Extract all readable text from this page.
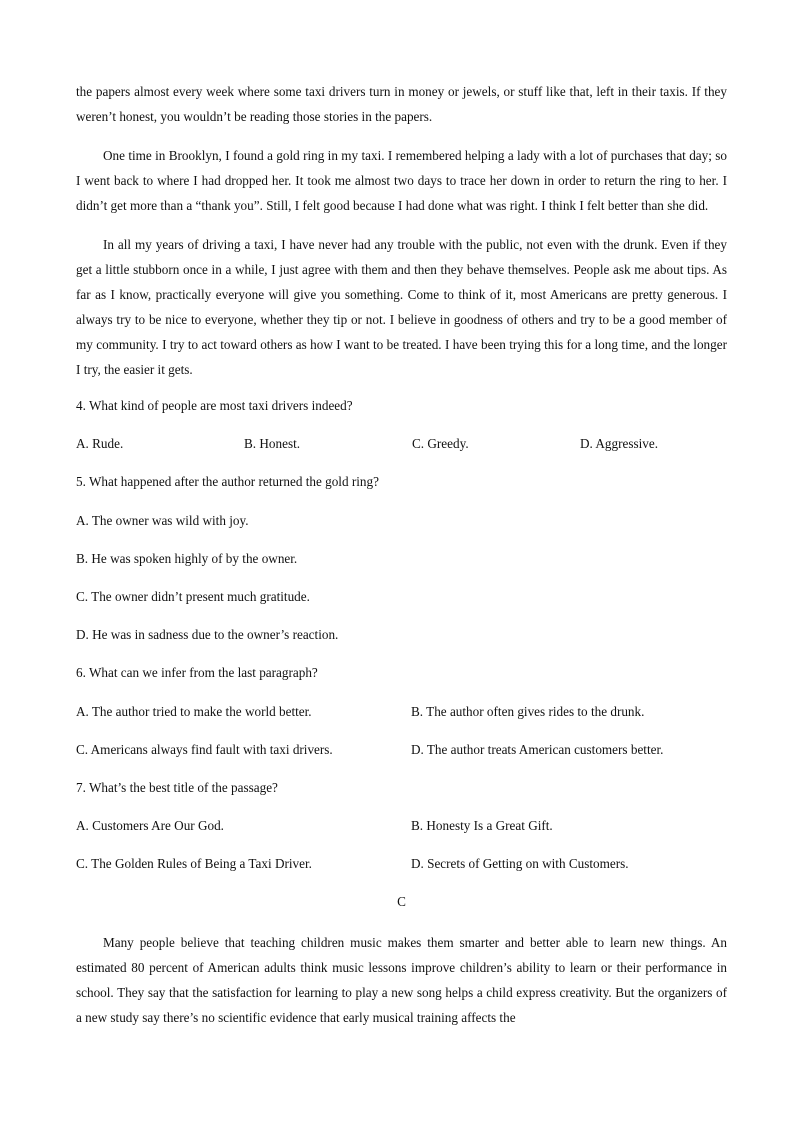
the papers almost every week where some taxi drivers turn in money or jewels, or stuff like that, left in their taxis. If they weren’t honest, you wouldn’t be reading those stories in the papers.

One time in Brooklyn, I found a gold ring in my taxi. I remembered helping a lady with a lot of purchases that day; so I went back to where I had dropped her. It took me almost two days to trace her down in order to return the ring to her. I didn’t get more than a “thank you”. Still, I felt good because I had done what was right. I think I felt better than she did.

In all my years of driving a taxi, I have never had any trouble with the public, not even with the drunk. Even if they get a little stubborn once in a while, I just agree with them and then they behave themselves. People ask me about tips. As far as I know, practically everyone will give you something. Come to think of it, most Americans are pretty generous. I always try to be nice to everyone, whether they tip or not. I believe in goodness of others and try to be a good member of my community. I try to act toward others as how I want to be treated. I have been trying this for a long time, and the longer I try, the easier it gets.

4. What kind of people are most taxi drivers indeed?

A. Rude.	B. Honest.	C. Greedy.	D. Aggressive.

5. What happened after the author returned the gold ring?

A. The owner was wild with joy.
B. He was spoken highly of by the owner.
C. The owner didn’t present much gratitude.
D. He was in sadness due to the owner’s reaction.

6. What can we infer from the last paragraph?

A. The author tried to make the world better.	B. The author often gives rides to the drunk.
C. Americans always find fault with taxi drivers.	D. The author treats American customers better.

7. What’s the best title of the passage?

A. Customers Are Our God.	B. Honesty Is a Great Gift.
C. The Golden Rules of Being a Taxi Driver.	D. Secrets of Getting on with Customers.
C

Many people believe that teaching children music makes them smarter and better able to learn new things. An estimated 80 percent of American adults think music lessons improve children’s ability to learn or their performance in school. They say that the satisfaction for learning to play a new song helps a child express creativity. But the organizers of a new study say there’s no scientific evidence that early musical training affects the
